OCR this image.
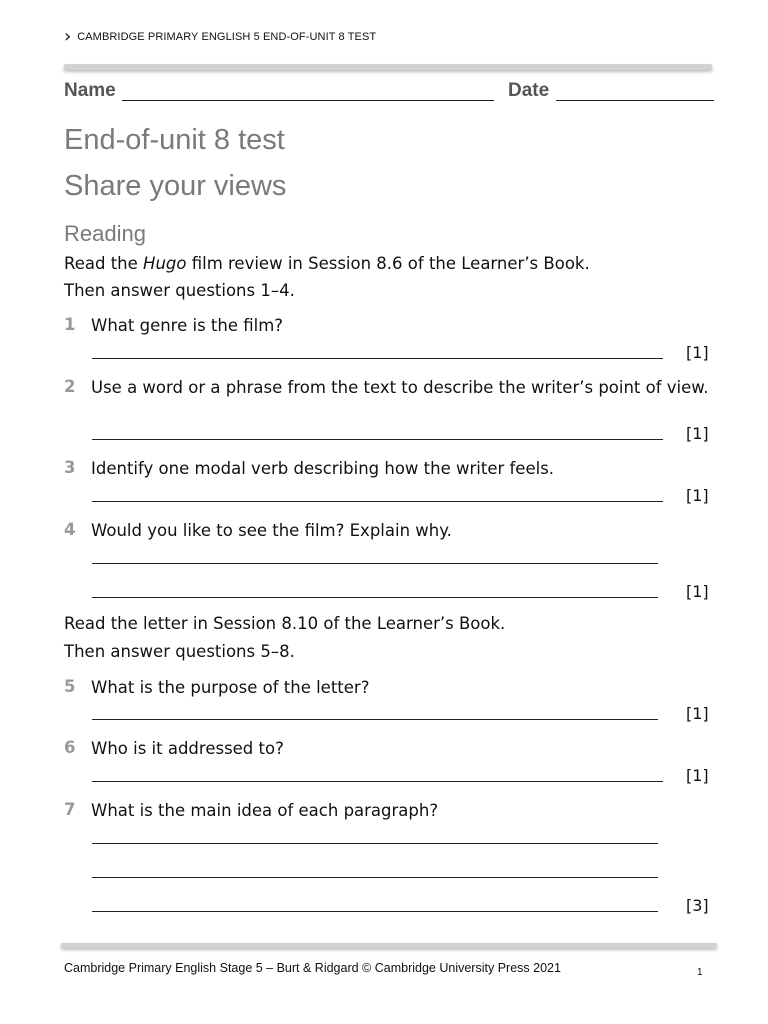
› CAMBRIDGE PRIMARY ENGLISH 5 END-OF-UNIT 8 TEST
Name	Date
End-of-unit 8 test
Share your views
Reading
Read the Hugo film review in Session 8.6 of the Learner’s Book.
Then answer questions 1–4.
1 What genre is the film?
[1]
2 Use a word or a phrase from the text to describe the writer’s point of view.
[1]
3 Identify one modal verb describing how the writer feels.
[1]
4 Would you like to see the film? Explain why.
[1]
Read the letter in Session 8.10 of the Learner’s Book.
Then answer questions 5–8.
5 What is the purpose of the letter?
[1]
6 Who is it addressed to?
[1]
7 What is the main idea of each paragraph?
[3]
Cambridge Primary English Stage 5 – Burt & Ridgard © Cambridge University Press 2021	1
